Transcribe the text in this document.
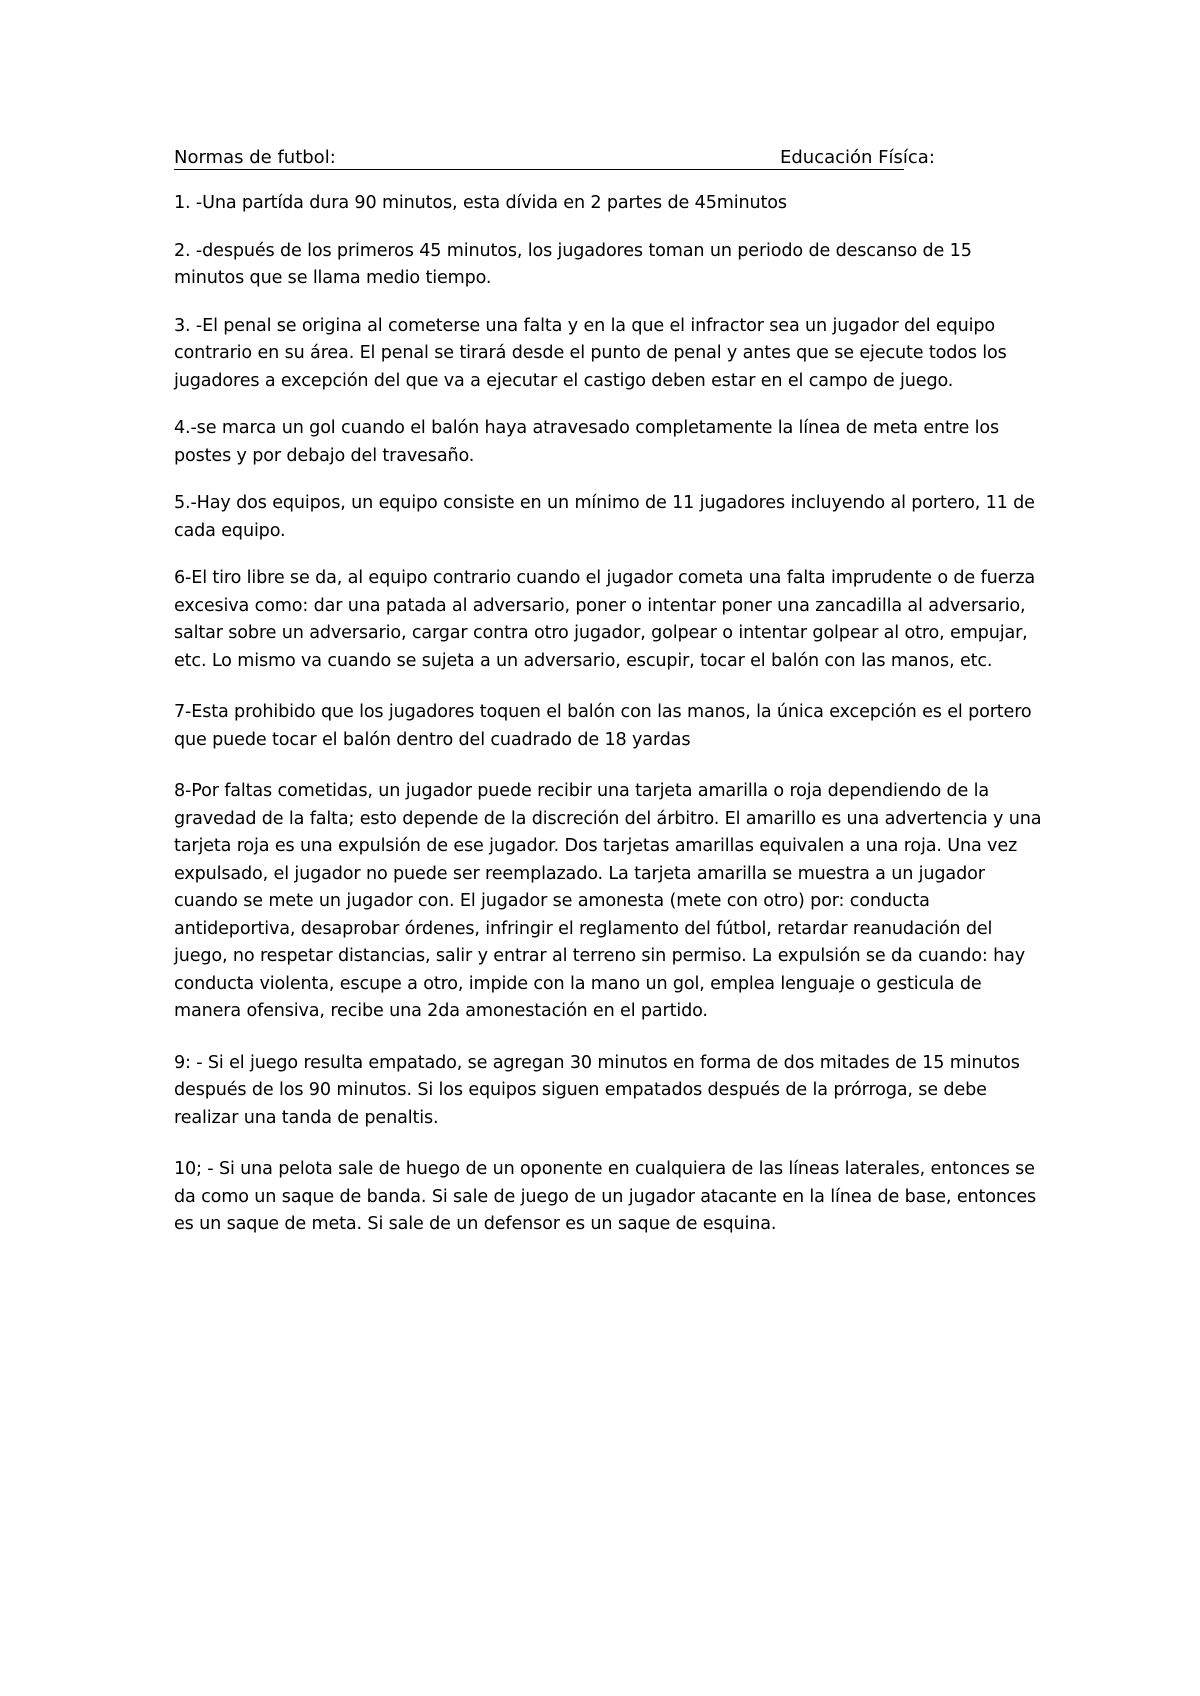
Normas de futbol:	Educación Físíca:

1. -Una partída dura 90 minutos, esta dívida en 2 partes de 45minutos

2. -después de los primeros 45 minutos, los jugadores toman un periodo de descanso de 15 minutos que se llama medio tiempo.

3. -El penal se origina al cometerse una falta y en la que el infractor sea un jugador del equipo contrario en su área. El penal se tirará desde el punto de penal y antes que se ejecute todos los jugadores a excepción del que va a ejecutar el castigo deben estar en el campo de juego.

4.-se marca un gol cuando el balón haya atravesado completamente la línea de meta entre los postes y por debajo del travesaño.

5.-Hay dos equipos, un equipo consiste en un mínimo de 11 jugadores incluyendo al portero, 11 de cada equipo.

6-El tiro libre se da, al equipo contrario cuando el jugador cometa una falta imprudente o de fuerza excesiva como: dar una patada al adversario, poner o intentar poner una zancadilla al adversario, saltar sobre un adversario, cargar contra otro jugador, golpear o intentar golpear al otro, empujar, etc. Lo mismo va cuando se sujeta a un adversario, escupir, tocar el balón con las manos, etc.

7-Esta prohibido que los jugadores toquen el balón con las manos, la única excepción es el portero que puede tocar el balón dentro del cuadrado de 18 yardas

8-Por faltas cometidas, un jugador puede recibir una tarjeta amarilla o roja dependiendo de la gravedad de la falta; esto depende de la discreción del árbitro. El amarillo es una advertencia y una tarjeta roja es una expulsión de ese jugador. Dos tarjetas amarillas equivalen a una roja. Una vez expulsado, el jugador no puede ser reemplazado. La tarjeta amarilla se muestra a un jugador cuando se mete un jugador con. El jugador se amonesta (mete con otro) por: conducta antideportiva, desaprobar órdenes, infringir el reglamento del fútbol, retardar reanudación del juego, no respetar distancias, salir y entrar al terreno sin permiso. La expulsión se da cuando: hay conducta violenta, escupe a otro, impide con la mano un gol, emplea lenguaje o gesticula de manera ofensiva, recibe una 2da amonestación en el partido.

9: - Si el juego resulta empatado, se agregan 30 minutos en forma de dos mitades de 15 minutos después de los 90 minutos. Si los equipos siguen empatados después de la prórroga, se debe realizar una tanda de penaltis.

10; - Si una pelota sale de huego de un oponente en cualquiera de las líneas laterales, entonces se da como un saque de banda. Si sale de juego de un jugador atacante en la línea de base, entonces es un saque de meta. Si sale de un defensor es un saque de esquina.
